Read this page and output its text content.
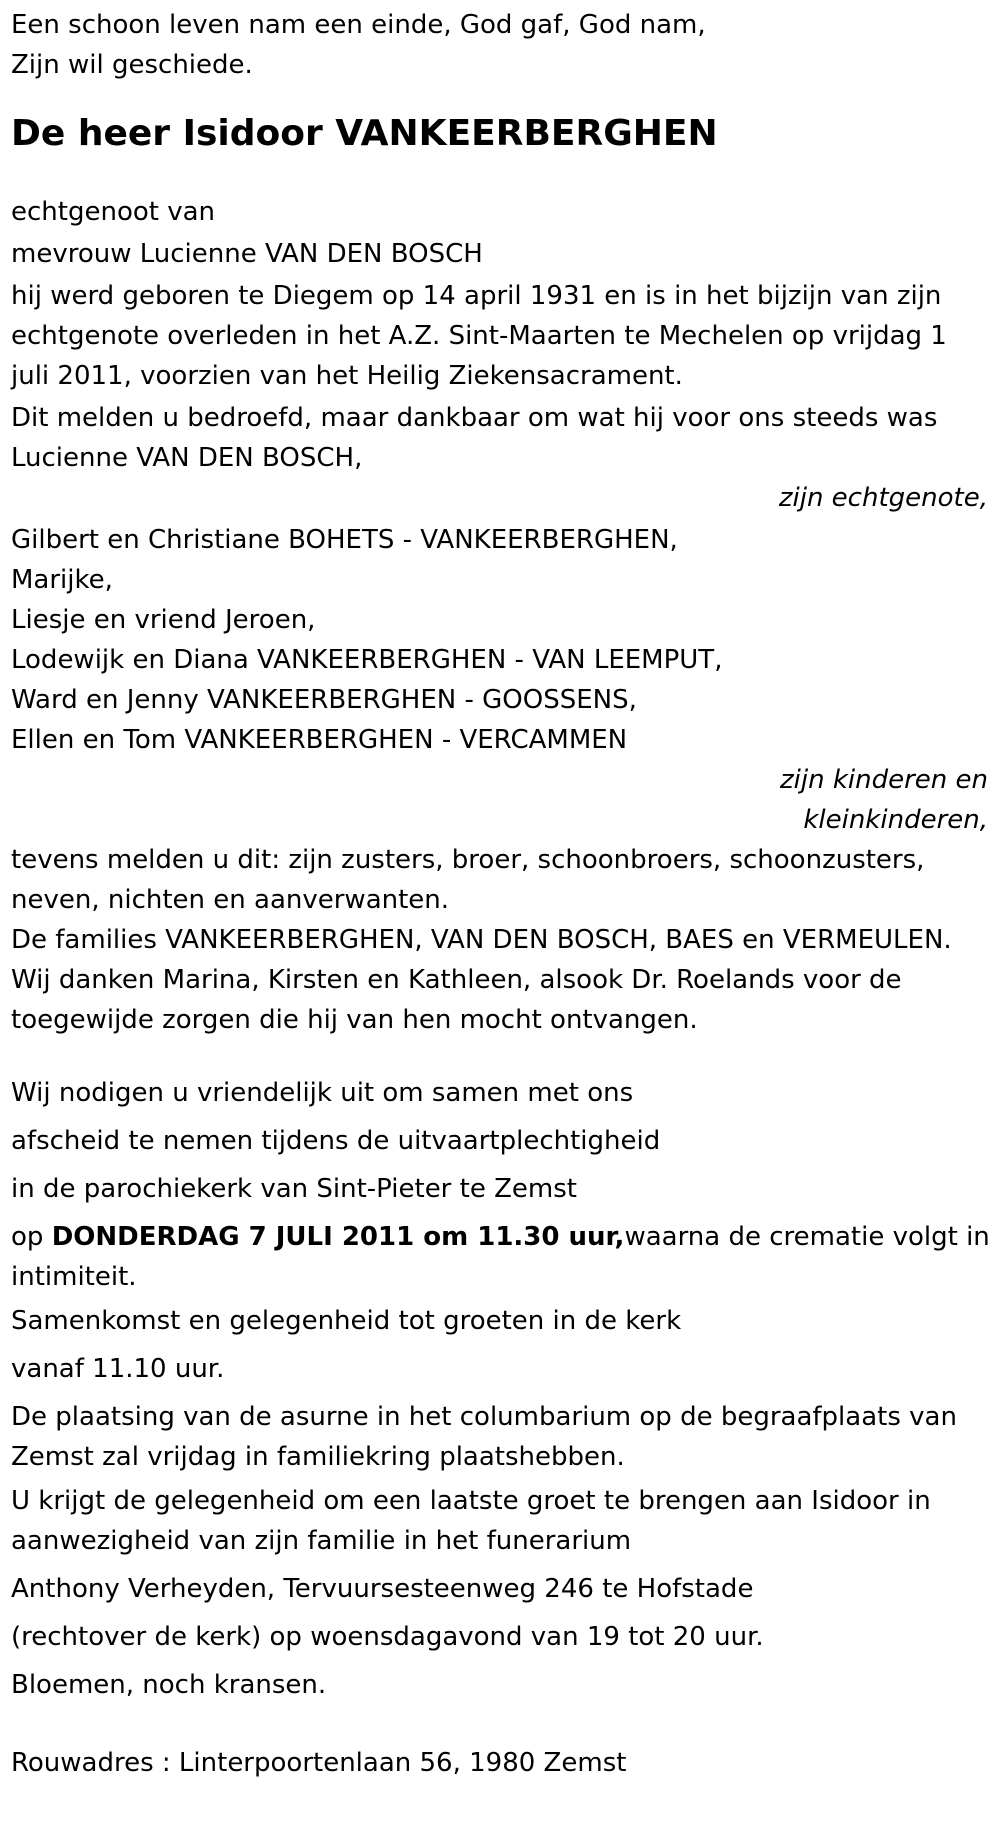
Een schoon leven nam een einde, God gaf, God nam,

Zijn wil geschiede.

De heer Isidoor VANKEERBERGHEN

echtgenoot van

mevrouw Lucienne VAN DEN BOSCH

hij werd geboren te Diegem op 14 april 1931 en is in het bijzijn van zijn

echtgenote overleden in het A.Z. Sint-Maarten te Mechelen op vrijdag 1

juli 2011, voorzien van het Heilig Ziekensacrament.

Dit melden u bedroefd, maar dankbaar om wat hij voor ons steeds was

Lucienne VAN DEN BOSCH,

zijn echtgenote,

Gilbert en Christiane BOHETS - VANKEERBERGHEN,

Marijke,

Liesje en vriend Jeroen,

Lodewijk en Diana VANKEERBERGHEN - VAN LEEMPUT,

Ward en Jenny VANKEERBERGHEN - GOOSSENS,

Ellen en Tom VANKEERBERGHEN - VERCAMMEN

zijn kinderen en

kleinkinderen,

tevens melden u dit: zijn zusters, broer, schoonbroers, schoonzusters,

neven, nichten en aanverwanten.

De families VANKEERBERGHEN, VAN DEN BOSCH, BAES en VERMEULEN.

Wij danken Marina, Kirsten en Kathleen, alsook Dr. Roelands voor de

toegewijde zorgen die hij van hen mocht ontvangen.

Wij nodigen u vriendelijk uit om samen met ons

afscheid te nemen tijdens de uitvaartplechtigheid

in de parochiekerk van Sint-Pieter te Zemst

op DONDERDAG 7 JULI 2011 om 11.30 uur,waarna de crematie volgt in

intimiteit.

Samenkomst en gelegenheid tot groeten in de kerk

vanaf 11.10 uur.

De plaatsing van de asurne in het columbarium op de begraafplaats van

Zemst zal vrijdag in familiekring plaatshebben.

U krijgt de gelegenheid om een laatste groet te brengen aan Isidoor in

aanwezigheid van zijn familie in het funerarium

Anthony Verheyden, Tervuursesteenweg 246 te Hofstade

(rechtover de kerk) op woensdagavond van 19 tot 20 uur.

Bloemen, noch kransen.

Rouwadres : Linterpoortenlaan 56, 1980 Zemst
